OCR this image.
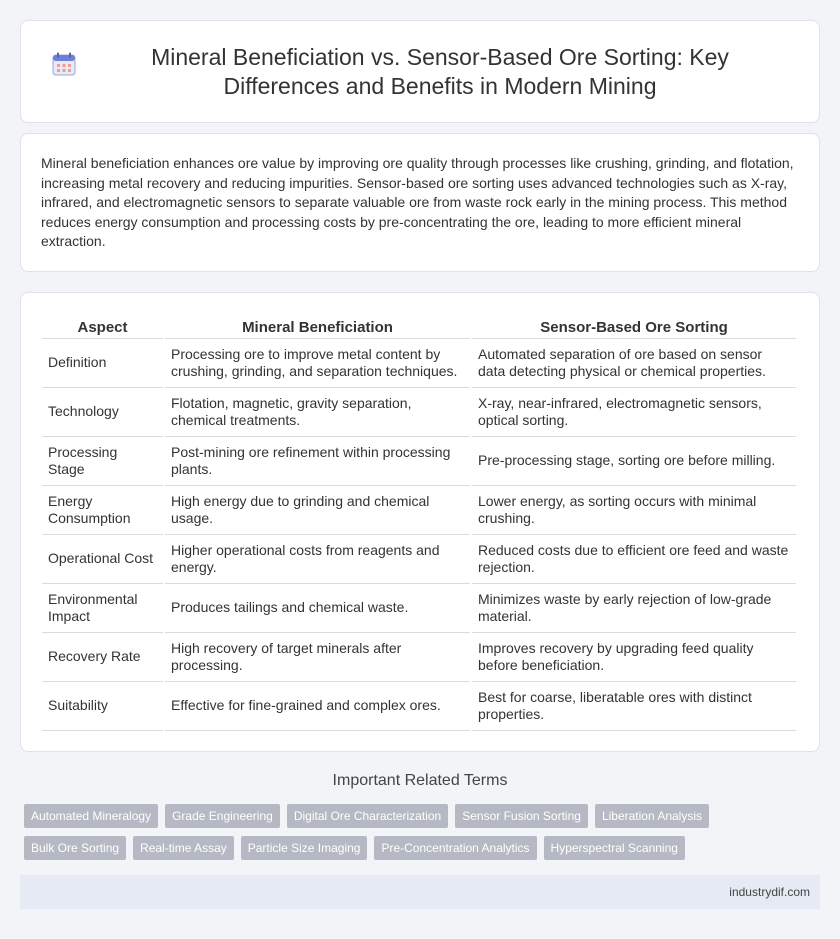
Mineral Beneficiation vs. Sensor-Based Ore Sorting: Key Differences and Benefits in Modern Mining

Mineral beneficiation enhances ore value by improving ore quality through processes like crushing, grinding, and flotation, increasing metal recovery and reducing impurities. Sensor-based ore sorting uses advanced technologies such as X-ray, infrared, and electromagnetic sensors to separate valuable ore from waste rock early in the mining process. This method reduces energy consumption and processing costs by pre-concentrating the ore, leading to more efficient mineral extraction.

Aspect	Mineral Beneficiation	Sensor-Based Ore Sorting
Definition	Processing ore to improve metal content by crushing, grinding, and separation techniques.	Automated separation of ore based on sensor data detecting physical or chemical properties.
Technology	Flotation, magnetic, gravity separation, chemical treatments.	X-ray, near-infrared, electromagnetic sensors, optical sorting.
Processing Stage	Post-mining ore refinement within processing plants.	Pre-processing stage, sorting ore before milling.
Energy Consumption	High energy due to grinding and chemical usage.	Lower energy, as sorting occurs with minimal crushing.
Operational Cost	Higher operational costs from reagents and energy.	Reduced costs due to efficient ore feed and waste rejection.
Environmental Impact	Produces tailings and chemical waste.	Minimizes waste by early rejection of low-grade material.
Recovery Rate	High recovery of target minerals after processing.	Improves recovery by upgrading feed quality before beneficiation.
Suitability	Effective for fine-grained and complex ores.	Best for coarse, liberatable ores with distinct properties.
Important Related Terms
Automated Mineralogy	Grade Engineering	Digital Ore Characterization	Sensor Fusion Sorting	Liberation Analysis
Bulk Ore Sorting	Real-time Assay	Particle Size Imaging	Pre-Concentration Analytics	Hyperspectral Scanning
industrydif.com
